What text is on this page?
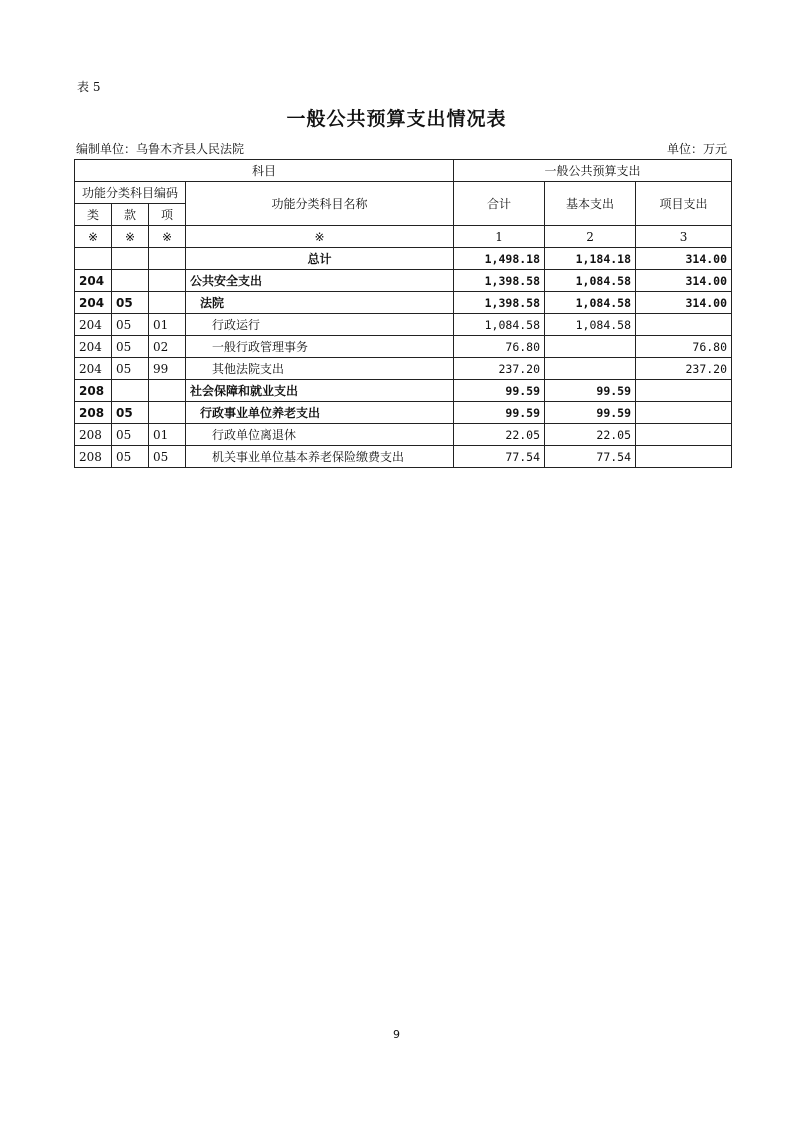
表 5
一般公共预算支出情况表
编制单位：乌鲁木齐县人民法院	单位：万元
科目				一般公共预算支出		
功能分类科目编码			功能分类科目名称	合计	基本支出	项目支出
类	款	项				
※	※	※	※	1	2	3
			总计	1,498.18	1,184.18	314.00
204			公共安全支出	1,398.58	1,084.58	314.00
204	05		法院	1,398.58	1,084.58	314.00
204	05	01	行政运行	1,084.58	1,084.58	
204	05	02	一般行政管理事务	76.80		76.80
204	05	99	其他法院支出	237.20		237.20
208			社会保障和就业支出	99.59	99.59	
208	05		行政事业单位养老支出	99.59	99.59	
208	05	01	行政单位离退休	22.05	22.05	
208	05	05	机关事业单位基本养老保险缴费支出	77.54	77.54	
9
